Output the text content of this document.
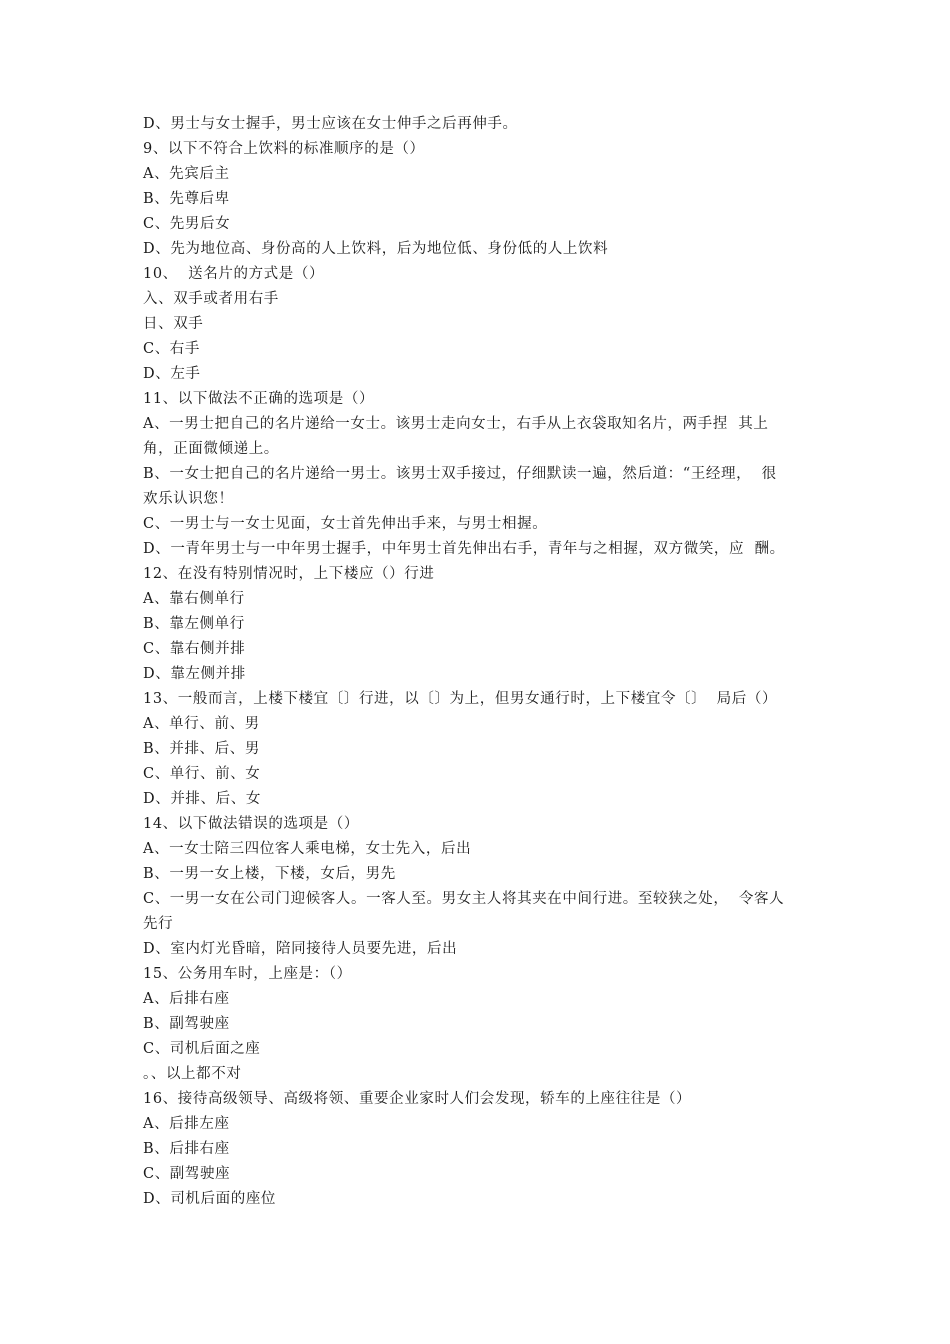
D、男士与女士握手，男士应该在女士伸手之后再伸手。
9、以下不符合上饮料的标准顺序的是（）
A、先宾后主
B、先尊后卑
C、先男后女
D、先为地位高、身份高的人上饮料，后为地位低、身份低的人上饮料
10、  送名片的方式是（）
入、双手或者用右手
日、双手
C、右手
D、左手
11、以下做法不正确的选项是（）
A、一男士把自己的名片递给一女士。该男士走向女士，右手从上衣袋取知名片，两手捏  其上
角，正面微倾递上。
B、一女士把自己的名片递给一男士。该男士双手接过，仔细默读一遍，然后道：“王经理，  很
欢乐认识您！
C、一男士与一女士见面，女士首先伸出手来，与男士相握。
D、一青年男士与一中年男士握手，中年男士首先伸出右手，青年与之相握，双方微笑，应  酬。
12、在没有特别情况时，上下楼应（）行进
A、靠右侧单行
B、靠左侧单行
C、靠右侧并排
D、靠左侧并排
13、一般而言，上楼下楼宜〔〕行进，以〔〕为上，但男女通行时，上下楼宜令〔〕  局后（）
A、单行、前、男
B、并排、后、男
C、单行、前、女
D、并排、后、女
14、以下做法错误的选项是（）
A、一女士陪三四位客人乘电梯，女士先入，后出
B、一男一女上楼，下楼，女后，男先
C、一男一女在公司门迎候客人。一客人至。男女主人将其夹在中间行进。至较狭之处，  令客人
先行
D、室内灯光昏暗，陪同接待人员要先进，后出
15、公务用车时，上座是：（）
A、后排右座
B、副驾驶座
C、司机后面之座
。、以上都不对
16、接待高级领导、高级将领、重要企业家时人们会发现，轿车的上座往往是（）
A、后排左座
B、后排右座
C、副驾驶座
D、司机后面的座位
